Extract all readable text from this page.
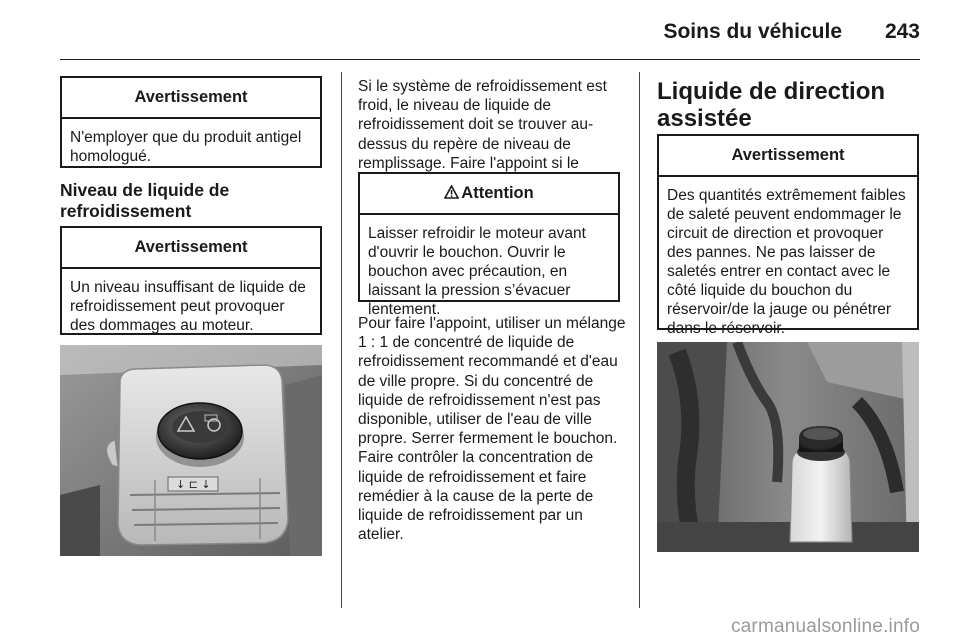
Soins du véhicule 243
Avertissement
N'employer que du produit antigel homologué.
Niveau de liquide de refroidissement
Avertissement
Un niveau insuffisant de liquide de refroidissement peut provoquer des dommages au moteur.
↓ ⊏ ↓
Si le système de refroidissement est froid, le niveau de liquide de refroidissement doit se trouver au-dessus du repère de niveau de remplissage. Faire l'appoint si le
Attention
Laisser refroidir le moteur avant d'ouvrir le bouchon. Ouvrir le bouchon avec précaution, en laissant la pression s’évacuer lentement.
Pour faire l'appoint, utiliser un mélange 1 : 1 de concentré de liquide de refroidissement recommandé et d'eau de ville propre. Si du concentré de liquide de refroidissement n'est pas disponible, utiliser de l'eau de ville propre. Serrer fermement le bouchon. Faire contrôler la concentration de liquide de refroidissement et faire remédier à la cause de la perte de liquide de refroidissement par un atelier.
Liquide de direction assistée
Avertissement
Des quantités extrêmement faibles de saleté peuvent endommager le circuit de direction et provoquer des pannes. Ne pas laisser de saletés entrer en contact avec le côté liquide du bouchon du réservoir/de la jauge ou pénétrer dans le réservoir.
carmanualsonline.info
